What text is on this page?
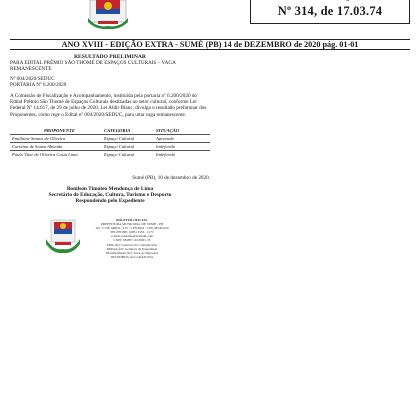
Nº 314, de 17.03.74
ANO XVIII - EDIÇÃO EXTRA - SUMÉ (PB) 14 de DEZEMBRO de 2020 pág. 01-01
RESULTADO PRELIMINAR
PARA EDITAL PRÊMIO SÃO THOMÉ DE ESPAÇOS CULTURAIS – VAGA
REMANESCENTE
Nº 004/2020/SEDUC
PORTARIA Nº 6.200/2020
A Comissão de Fiscalização e Acompanhamento, instituída pela portaria nº 6.200/2020 do Edital Prêmio São Thomé de Espaços Culturais destinadas ao setor cultural, conforme Lei Federal Nº 14.017, de 29 de julho de 2020, Lei Aldir Blanc, divulga o resultado preliminar dos Proponentes, como rege o Edital nº 004/2020/SEDUC, para uma vaga remanescente.
PROPONENTE	CATEGORIA	SITUAÇÃO
Emillaine Santos de Oliveira	Espaço Cultural	Aprovado
Carolina de Souza Almeida	Espaço Cultural	Indeferido
Paulo Vitor de Oliveira Costa Lima	Espaço Cultural	Indeferido
Sumé (PB), 10 de dezembro de 2020.
Bonilson Timóteo Mendonça de Lima
Secretário de Educação, Cultura, Turismo e Desporto
Respondendo pelo Expediente
BOLETIM OFICIAL
PREFEITURA MUNICIPAL DE SUMÉ - PB
AV. 17 DE ABRIL, S/N - CENTRO - CEP 58540-000
TELEFONE: (083) 3353 - 1271
e-mail: pmsume@hotmail.com
CNPJ: 08.887.101/0001-35
EDIÇÃO: Gerência de Comunicação
REDAÇÃO: Gerência de Expediente
DIAGRAMAÇÃO: Setor de Imprensa
DISTRIBUIÇÃO: GRATUITA
